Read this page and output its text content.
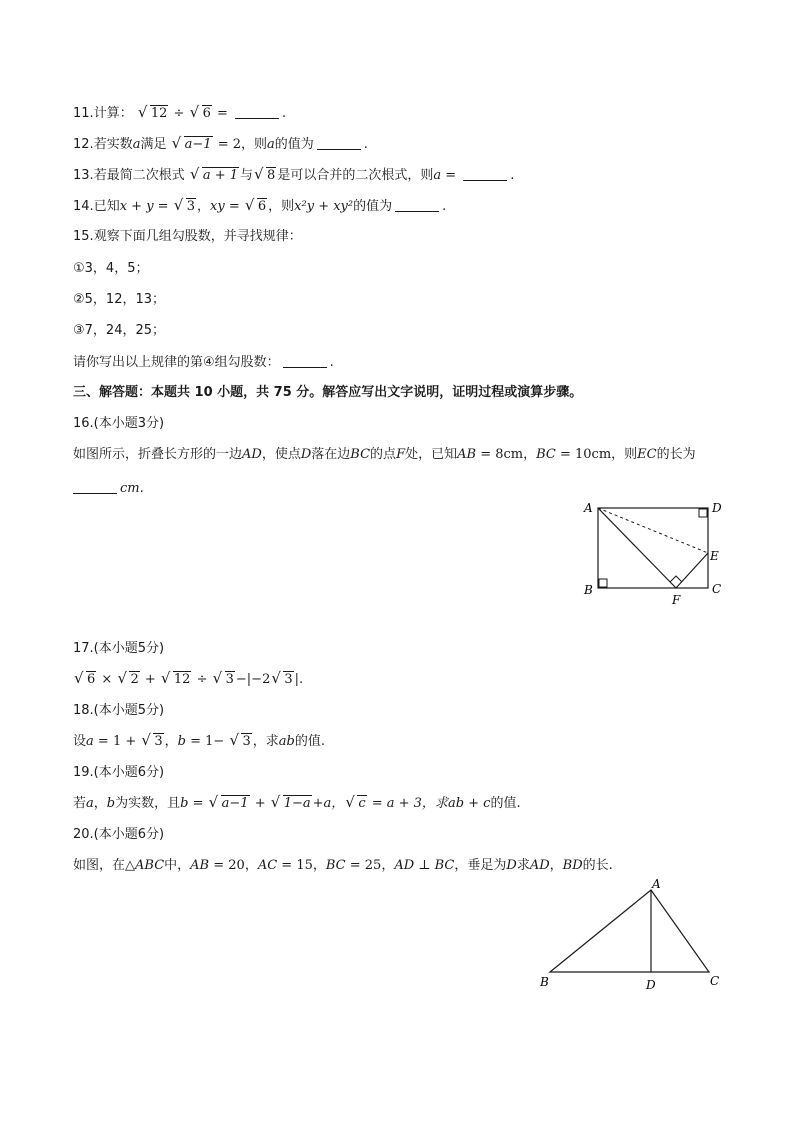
11.计算： √ 12 ÷ √ 6 =	.
12.若实数a满足 √ a−1 = 2，则a的值为	.
13.若最简二次根式 √ a + 1 与 √ 8 是可以合并的二次根式，则a =	.
14.已知x + y = √ 3 ，xy = √ 6 ，则x²y + xy²的值为	.
15.观察下面几组勾股数，并寻找规律：
①3，4，5；
②5，12，13；
③7，24，25；
请你写出以上规律的第④组勾股数：	.
三、解答题：本题共 10 小题，共 75 分。解答应写出文字说明，证明过程或演算步骤。
16.(本小题3分)
如图所示，折叠长方形的一边AD，使点D落在边BC的点F处，已知AB = 8cm，BC = 10cm，则EC的长为
cm.
A	D
E
B	C
F
17.(本小题5分)
√ 6 × √ 2 + √ 12 ÷ √ 3 −|−2 √ 3 |.
18.(本小题5分)
设a = 1 + √ 3 ，b = 1− √ 3 ，求ab的值.
19.(本小题6分)
若a，b为实数，且b = √ a−1 + √ 1−a +a， √ c = a + 3，求ab + c的值.
20.(本小题6分)
如图，在△ABC中，AB = 20，AC = 15，BC = 25，AD ⊥ BC，垂足为D求AD，BD的长.
A
B	C
D
